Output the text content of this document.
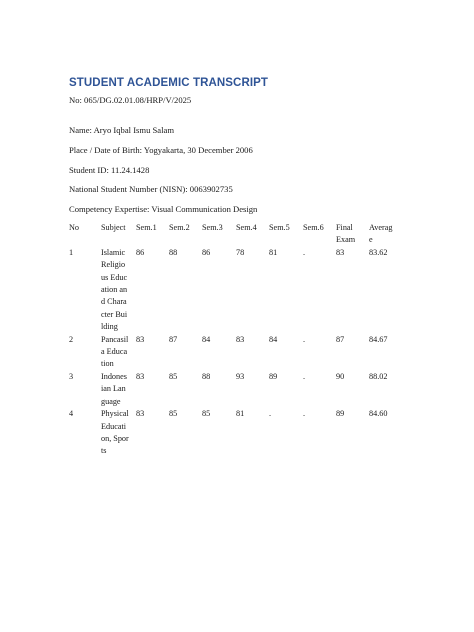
STUDENT ACADEMIC TRANSCRIPT
No: 065/DG.02.01.08/HRP/V/2025
Name: Aryo Iqbal Ismu Salam
Place / Date of Birth: Yogyakarta, 30 December 2006
Student ID: 11.24.1428
National Student Number (NISN): 0063902735
Competency Expertise: Visual Communication Design
No	Subject	Sem.1	Sem.2	Sem.3	Sem.4	Sem.5	Sem.6	Final Exam	Average

1	Islamic Religious Education and Character Building	86	88	86	78	81	.	83	83.62
2	Pancasila Education	83	87	84	83	84	.	87	84.67
3	Indonesian Language	83	85	88	93	89	.	90	88.02
4	Physical Education, Sports	83	85	85	81	.	.	89	84.60
